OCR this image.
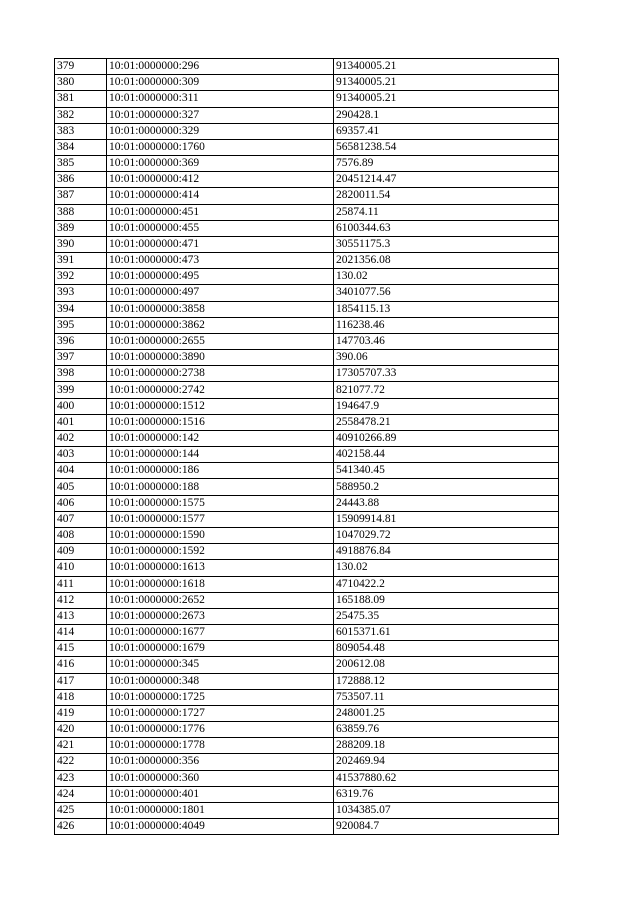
379	10:01:0000000:296	91340005.21
380	10:01:0000000:309	91340005.21
381	10:01:0000000:311	91340005.21
382	10:01:0000000:327	290428.1
383	10:01:0000000:329	69357.41
384	10:01:0000000:1760	56581238.54
385	10:01:0000000:369	7576.89
386	10:01:0000000:412	20451214.47
387	10:01:0000000:414	2820011.54
388	10:01:0000000:451	25874.11
389	10:01:0000000:455	6100344.63
390	10:01:0000000:471	30551175.3
391	10:01:0000000:473	2021356.08
392	10:01:0000000:495	130.02
393	10:01:0000000:497	3401077.56
394	10:01:0000000:3858	1854115.13
395	10:01:0000000:3862	116238.46
396	10:01:0000000:2655	147703.46
397	10:01:0000000:3890	390.06
398	10:01:0000000:2738	17305707.33
399	10:01:0000000:2742	821077.72
400	10:01:0000000:1512	194647.9
401	10:01:0000000:1516	2558478.21
402	10:01:0000000:142	40910266.89
403	10:01:0000000:144	402158.44
404	10:01:0000000:186	541340.45
405	10:01:0000000:188	588950.2
406	10:01:0000000:1575	24443.88
407	10:01:0000000:1577	15909914.81
408	10:01:0000000:1590	1047029.72
409	10:01:0000000:1592	4918876.84
410	10:01:0000000:1613	130.02
411	10:01:0000000:1618	4710422.2
412	10:01:0000000:2652	165188.09
413	10:01:0000000:2673	25475.35
414	10:01:0000000:1677	6015371.61
415	10:01:0000000:1679	809054.48
416	10:01:0000000:345	200612.08
417	10:01:0000000:348	172888.12
418	10:01:0000000:1725	753507.11
419	10:01:0000000:1727	248001.25
420	10:01:0000000:1776	63859.76
421	10:01:0000000:1778	288209.18
422	10:01:0000000:356	202469.94
423	10:01:0000000:360	41537880.62
424	10:01:0000000:401	6319.76
425	10:01:0000000:1801	1034385.07
426	10:01:0000000:4049	920084.7
